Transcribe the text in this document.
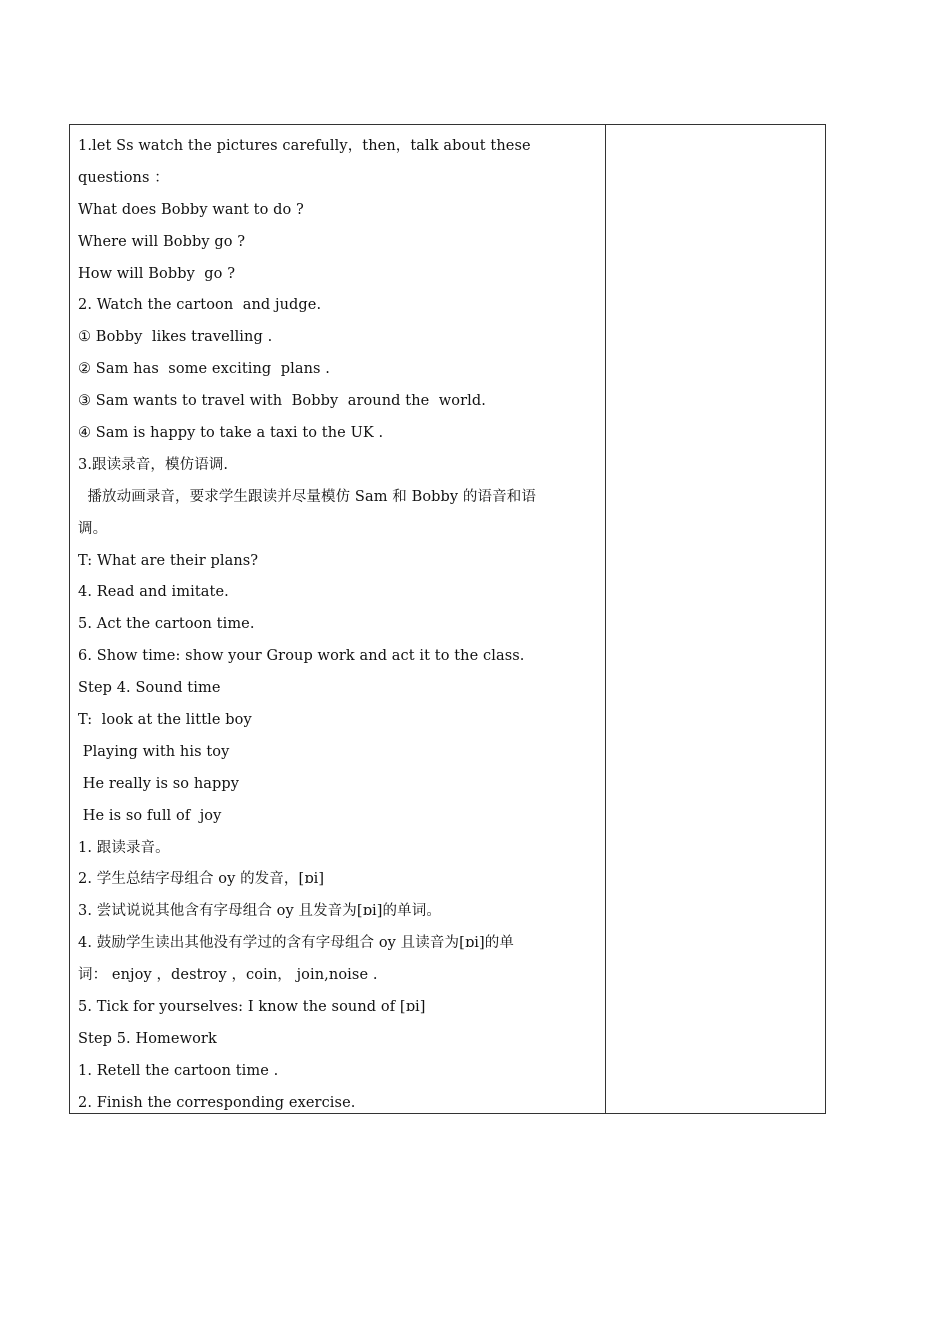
1.let Ss watch the pictures carefully，then，talk about these
questions ：
What does Bobby want to do ?
Where will Bobby go ?
How will Bobby  go ?
2. Watch the cartoon  and judge.
① Bobby  likes travelling .
② Sam has  some exciting  plans .
③ Sam wants to travel with  Bobby  around the  world.
④ Sam is happy to take a taxi to the UK .
3.跟读录音，模仿语调.
播放动画录音，要求学生跟读并尽量模仿 Sam 和 Bobby 的语音和语
调。
T: What are their plans?
4. Read and imitate.
5. Act the cartoon time.
6. Show time: show your Group work and act it to the class.
Step 4. Sound time
T:  look at the little boy
Playing with his toy
He really is so happy
He is so full of  joy
1. 跟读录音。
2. 学生总结字母组合 oy 的发音，[ɒi]
3. 尝试说说其他含有字母组合 oy 且发音为[ɒi]的单词。
4. 鼓励学生读出其他没有学过的含有字母组合 oy 且读音为[ɒi]的单
词： enjoy ，destroy ，coin， join,noise .
5. Tick for yourselves: I know the sound of [ɒi]
Step 5. Homework
1. Retell the cartoon time .
2. Finish the corresponding exercise.
